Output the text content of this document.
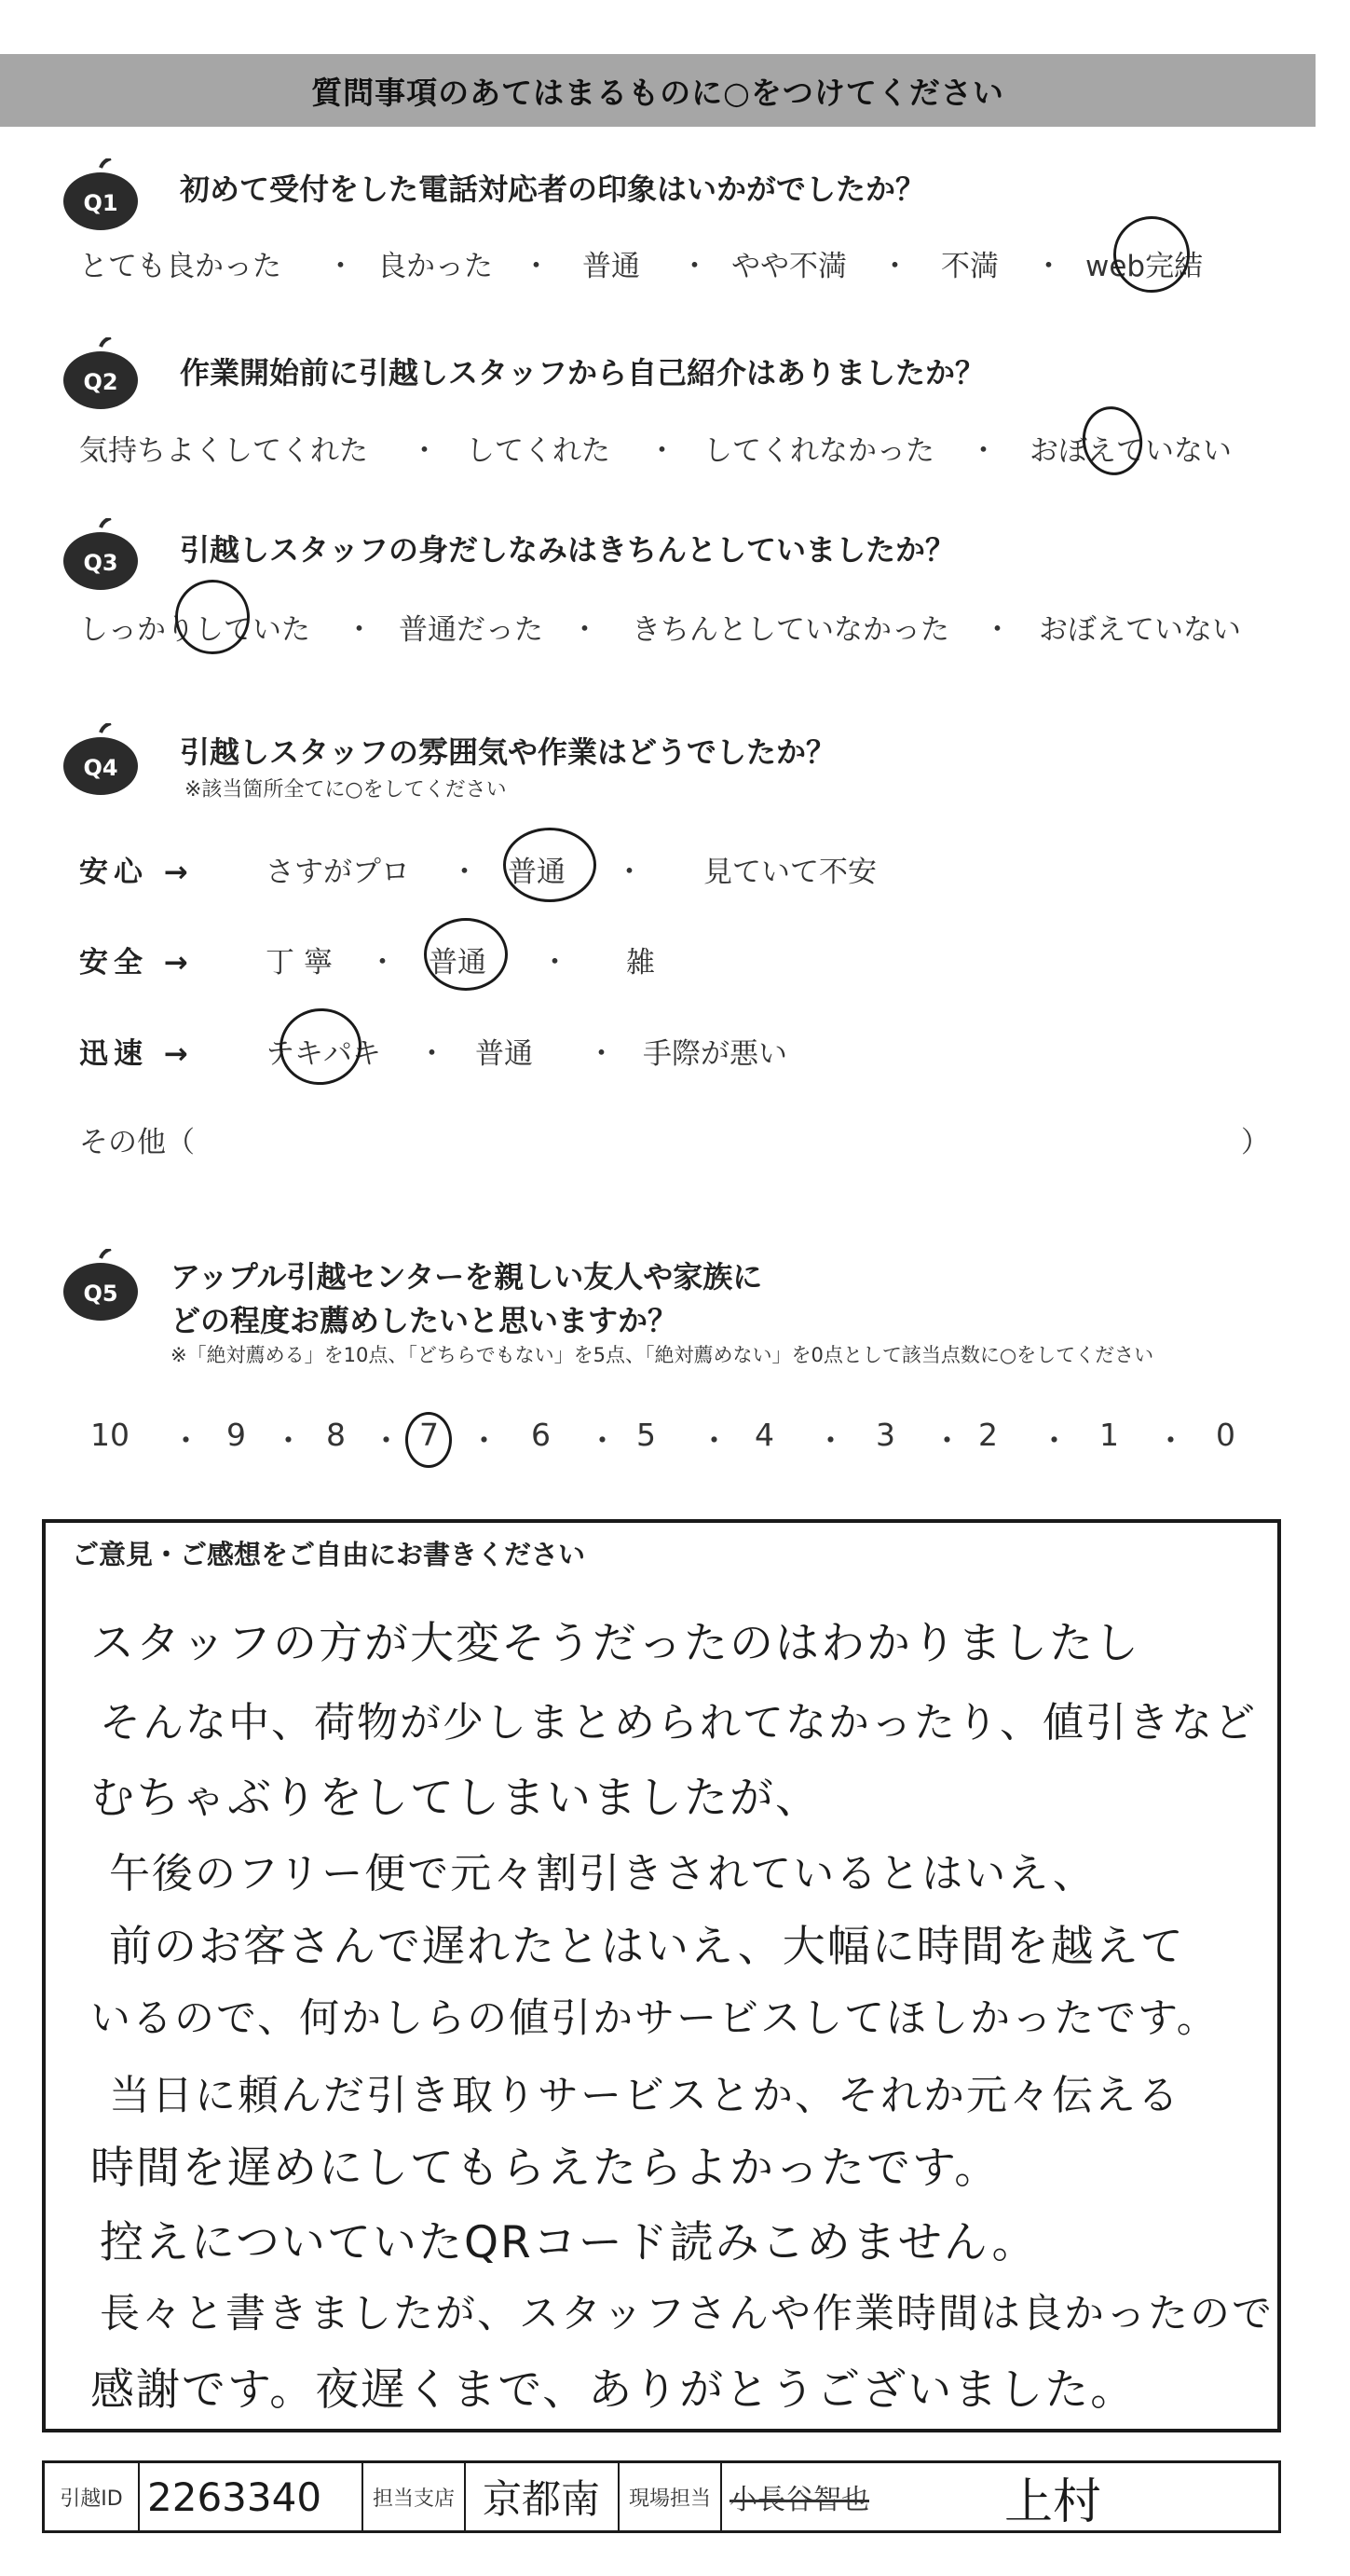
質問事項のあてはまるものに○をつけてください
Q1 初めて受付をした電話対応者の印象はいかがでしたか？
とても良かった ・ 良かった ・ 普通 ・ やや不満 ・ 不満 ・ web完結
Q2 作業開始前に引越しスタッフから自己紹介はありましたか？
気持ちよくしてくれた ・ してくれた ・ してくれなかった ・ おぼえていない
Q3 引越しスタッフの身だしなみはきちんとしていましたか？
しっかりしていた ・ 普通だった ・ きちんとしていなかった ・ おぼえていない
Q4 引越しスタッフの雰囲気や作業はどうでしたか？
※該当箇所全てに○をしてください
安心 → さすがプロ ・ 普通 ・ 見ていて不安
安全 → 丁寧 ・ 普通 ・ 雑
迅速 → テキパキ ・ 普通 ・ 手際が悪い
その他（	）
Q5 アップル引越センターを親しい友人や家族に
どの程度お薦めしたいと思いますか？
※「絶対薦める」を10点、「どちらでもない」を5点、「絶対薦めない」を0点として該当点数に○をしてください
10 ・ 9 ・ 8 ・ 7 ・ 6 ・ 5 ・ 4 ・ 3 ・ 2 ・ 1 ・ 0
ご意見・ご感想をご自由にお書きください
スタッフの方が大変そうだったのはわかりましたし
そんな中、荷物が少しまとめられてなかったり、値引きなど
むちゃぶりをしてしまいましたが、
午後のフリー便で元々割引きされているとはいえ、
前のお客さんで遅れたとはいえ、大幅に時間を越えて
いるので、何かしらの値引かサービスしてほしかったです。
当日に頼んだ引き取りサービスとか、それか元々伝える
時間を遅めにしてもらえたらよかったです。
控えについていたQRコード読みこめません。
長々と書きましたが、スタッフさんや作業時間は良かったので
感謝です。夜遅くまで、ありがとうございました。
引越ID 2263340	担当支店 京都南	現場担当 小長谷智也	上村
